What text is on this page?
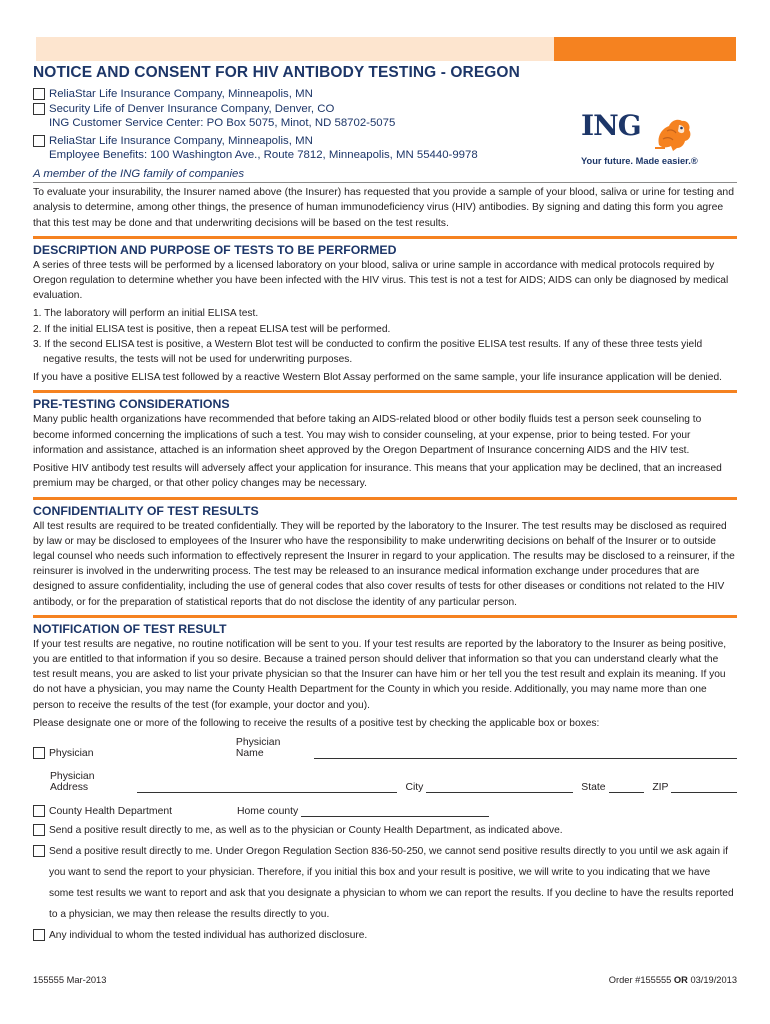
NOTICE AND CONSENT FOR HIV ANTIBODY TESTING - OREGON
ReliaStar Life Insurance Company, Minneapolis, MN
Security Life of Denver Insurance Company, Denver, CO
ING Customer Service Center: PO Box 5075, Minot, ND 58702-5075
ReliaStar Life Insurance Company, Minneapolis, MN
Employee Benefits: 100 Washington Ave., Route 7812, Minneapolis, MN 55440-9978
ING
Your future. Made easier.®
A member of the ING family of companies
To evaluate your insurability, the Insurer named above (the Insurer) has requested that you provide a sample of your blood, saliva or urine for testing and analysis to determine, among other things, the presence of human immunodeficiency virus (HIV) antibodies. By signing and dating this form you agree that this test may be done and that underwriting decisions will be based on the test results.
DESCRIPTION AND PURPOSE OF TESTS TO BE PERFORMED

A series of three tests will be performed by a licensed laboratory on your blood, saliva or urine sample in accordance with medical protocols required by Oregon regulation to determine whether you have been infected with the HIV virus. This test is not a test for AIDS; AIDS can only be diagnosed by medical evaluation.

1. The laboratory will perform an initial ELISA test.
2. If the initial ELISA test is positive, then a repeat ELISA test will be performed.
3. If the second ELISA test is positive, a Western Blot test will be conducted to confirm the positive ELISA test results. If any of these three tests yield negative results, the tests will not be used for underwriting purposes.

If you have a positive ELISA test followed by a reactive Western Blot Assay performed on the same sample, your life insurance application will be denied.

PRE-TESTING CONSIDERATIONS

Many public health organizations have recommended that before taking an AIDS-related blood or other bodily fluids test a person seek counseling to become informed concerning the implications of such a test. You may wish to consider counseling, at your expense, prior to being tested. For your information and assistance, attached is an information sheet approved by the Oregon Department of Insurance concerning AIDS and the HIV test.

Positive HIV antibody test results will adversely affect your application for insurance. This means that your application may be declined, that an increased premium may be charged, or that other policy changes may be necessary.

CONFIDENTIALITY OF TEST RESULTS

All test results are required to be treated confidentially. They will be reported by the laboratory to the Insurer. The test results may be disclosed as required by law or may be disclosed to employees of the Insurer who have the responsibility to make underwriting decisions on behalf of the Insurer or to outside legal counsel who needs such information to effectively represent the Insurer in regard to your application. The results may be disclosed to a reinsurer, if the reinsurer is involved in the underwriting process. The test may be released to an insurance medical information exchange under procedures that are designed to assure confidentiality, including the use of general codes that also cover results of tests for other diseases or conditions not related to the HIV antibody, or for the preparation of statistical reports that do not disclose the identity of any particular person.

NOTIFICATION OF TEST RESULT

If your test results are negative, no routine notification will be sent to you. If your test results are reported by the laboratory to the Insurer as being positive, you are entitled to that information if you so desire. Because a trained person should deliver that information so that you can understand clearly what the test result means, you are asked to list your private physician so that the Insurer can have him or her tell you the test result and explain its meaning. If you do not have a physician, you may name the County Health Department for the County in which you reside. Additionally, you may name more than one person to receive the results of the test (for example, your doctor and you).

Please designate one or more of the following to receive the results of a positive test by checking the applicable box or boxes:

Physician
Physician Name
Physician Address	City	State	ZIP
County Health Department	Home county
Send a positive result directly to me, as well as to the physician or County Health Department, as indicated above.
Send a positive result directly to me. Under Oregon Regulation Section 836-50-250, we cannot send positive results directly to you until we ask again if you want to send the report to your physician. Therefore, if you initial this box and your result is positive, we will write to you indicating that we have some test results we want to report and ask that you designate a physician to whom we can report the results. If you decline to have the results reported to a physician, we may then release the results directly to you.
Any individual to whom the tested individual has authorized disclosure.
155555 Mar-2013	Order #155555 OR 03/19/2013
